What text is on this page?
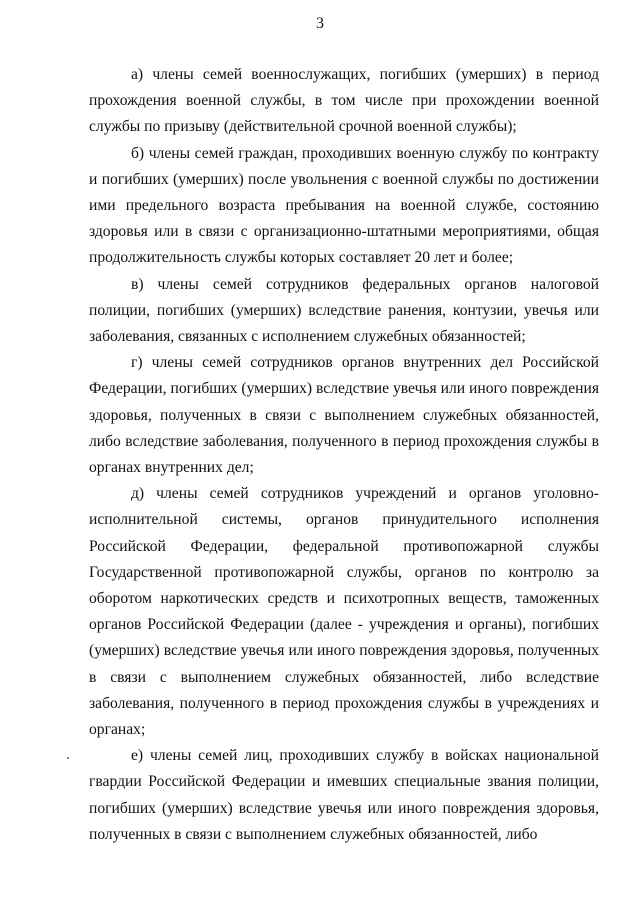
3

а) члены семей военнослужащих, погибших (умерших) в период прохождения военной службы, в том числе при прохождении военной службы по призыву (действительной срочной военной службы);

б) члены семей граждан, проходивших военную службу по контракту и погибших (умерших) после увольнения с военной службы по достижении ими предельного возраста пребывания на военной службе, состоянию здоровья или в связи с организационно-штатными мероприятиями, общая продолжительность службы которых составляет 20 лет и более;

в) члены семей сотрудников федеральных органов налоговой полиции, погибших (умерших) вследствие ранения, контузии, увечья или заболевания, связанных с исполнением служебных обязанностей;

г) члены семей сотрудников органов внутренних дел Российской Федерации, погибших (умерших) вследствие увечья или иного повреждения здоровья, полученных в связи с выполнением служебных обязанностей, либо вследствие заболевания, полученного в период прохождения службы в органах внутренних дел;

д) члены семей сотрудников учреждений и органов уголовно-исполнительной системы, органов принудительного исполнения Российской Федерации, федеральной противопожарной службы Государственной противопожарной службы, органов по контролю за оборотом наркотических средств и психотропных веществ, таможенных органов Российской Федерации (далее - учреждения и органы), погибших (умерших) вследствие увечья или иного повреждения здоровья, полученных в связи с выполнением служебных обязанностей, либо вследствие заболевания, полученного в период прохождения службы в учреждениях и органах;

е) члены семей лиц, проходивших службу в войсках национальной гвардии Российской Федерации и имевших специальные звания полиции, погибших (умерших) вследствие увечья или иного повреждения здоровья, полученных в связи с выполнением служебных обязанностей, либо
